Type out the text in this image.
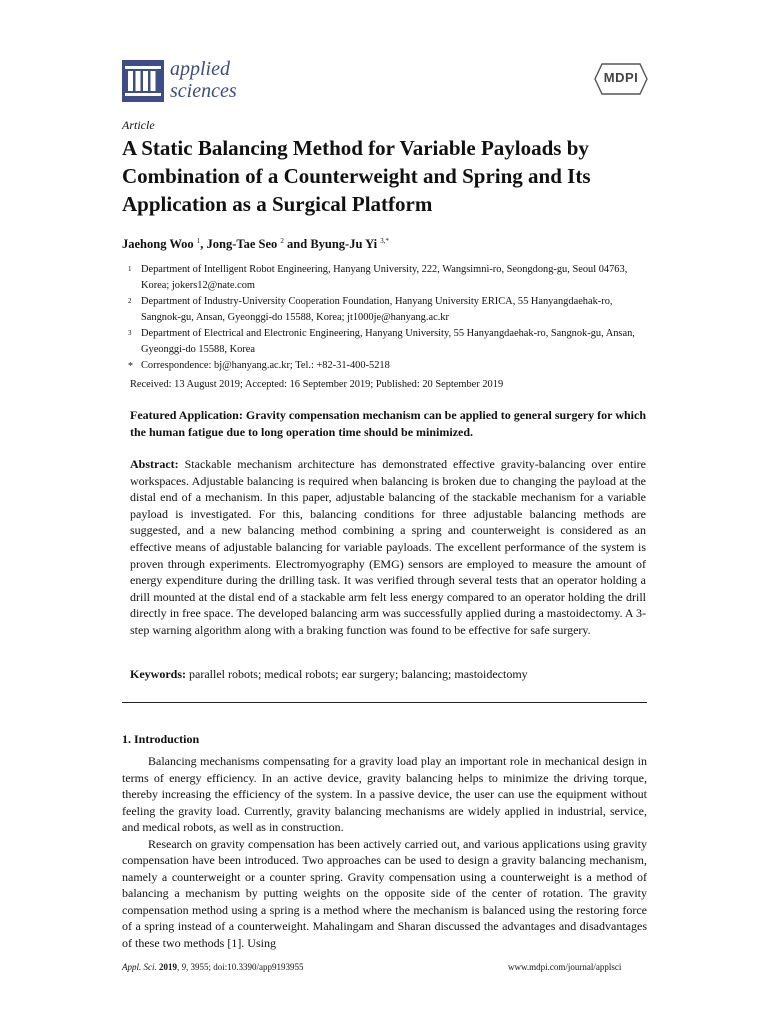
applied
sciences
MDPI
Article
A Static Balancing Method for Variable Payloads by Combination of a Counterweight and Spring and Its Application as a Surgical Platform
Jaehong Woo $^1$, Jong-Tae Seo $^2$ and Byung-Ju Yi $^{3,*}$
1 Department of Intelligent Robot Engineering, Hanyang University, 222, Wangsimni-ro, Seongdong-gu, Seoul 04763, Korea; jokers12@nate.com
2 Department of Industry-University Cooperation Foundation, Hanyang University ERICA, 55 Hanyangdaehak-ro, Sangnok-gu, Ansan, Gyeonggi-do 15588, Korea; jt1000je@hanyang.ac.kr
3 Department of Electrical and Electronic Engineering, Hanyang University, 55 Hanyangdaehak-ro, Sangnok-gu, Ansan, Gyeonggi-do 15588, Korea
* Correspondence: bj@hanyang.ac.kr; Tel.: +82-31-400-5218
Received: 13 August 2019; Accepted: 16 September 2019; Published: 20 September 2019
Featured Application: Gravity compensation mechanism can be applied to general surgery for which the human fatigue due to long operation time should be minimized.
Abstract: Stackable mechanism architecture has demonstrated effective gravity-balancing over entire workspaces. Adjustable balancing is required when balancing is broken due to changing the payload at the distal end of a mechanism. In this paper, adjustable balancing of the stackable mechanism for a variable payload is investigated. For this, balancing conditions for three adjustable balancing methods are suggested, and a new balancing method combining a spring and counterweight is considered as an effective means of adjustable balancing for variable payloads. The excellent performance of the system is proven through experiments. Electromyography (EMG) sensors are employed to measure the amount of energy expenditure during the drilling task. It was verified through several tests that an operator holding a drill mounted at the distal end of a stackable arm felt less energy compared to an operator holding the drill directly in free space. The developed balancing arm was successfully applied during a mastoidectomy. A 3-step warning algorithm along with a braking function was found to be effective for safe surgery.
Keywords: parallel robots; medical robots; ear surgery; balancing; mastoidectomy
1. Introduction

Balancing mechanisms compensating for a gravity load play an important role in mechanical design in terms of energy efficiency. In an active device, gravity balancing helps to minimize the driving torque, thereby increasing the efficiency of the system. In a passive device, the user can use the equipment without feeling the gravity load. Currently, gravity balancing mechanisms are widely applied in industrial, service, and medical robots, as well as in construction.

Research on gravity compensation has been actively carried out, and various applications using gravity compensation have been introduced. Two approaches can be used to design a gravity balancing mechanism, namely a counterweight or a counter spring. Gravity compensation using a counterweight is a method of balancing a mechanism by putting weights on the opposite side of the center of rotation. The gravity compensation method using a spring is a method where the mechanism is balanced using the restoring force of a spring instead of a counterweight. Mahalingam and Sharan discussed the advantages and disadvantages of these two methods [1]. Using

Appl. Sci. 2019, 9, 3955; doi:10.3390/app9193955	www.mdpi.com/journal/applsci
